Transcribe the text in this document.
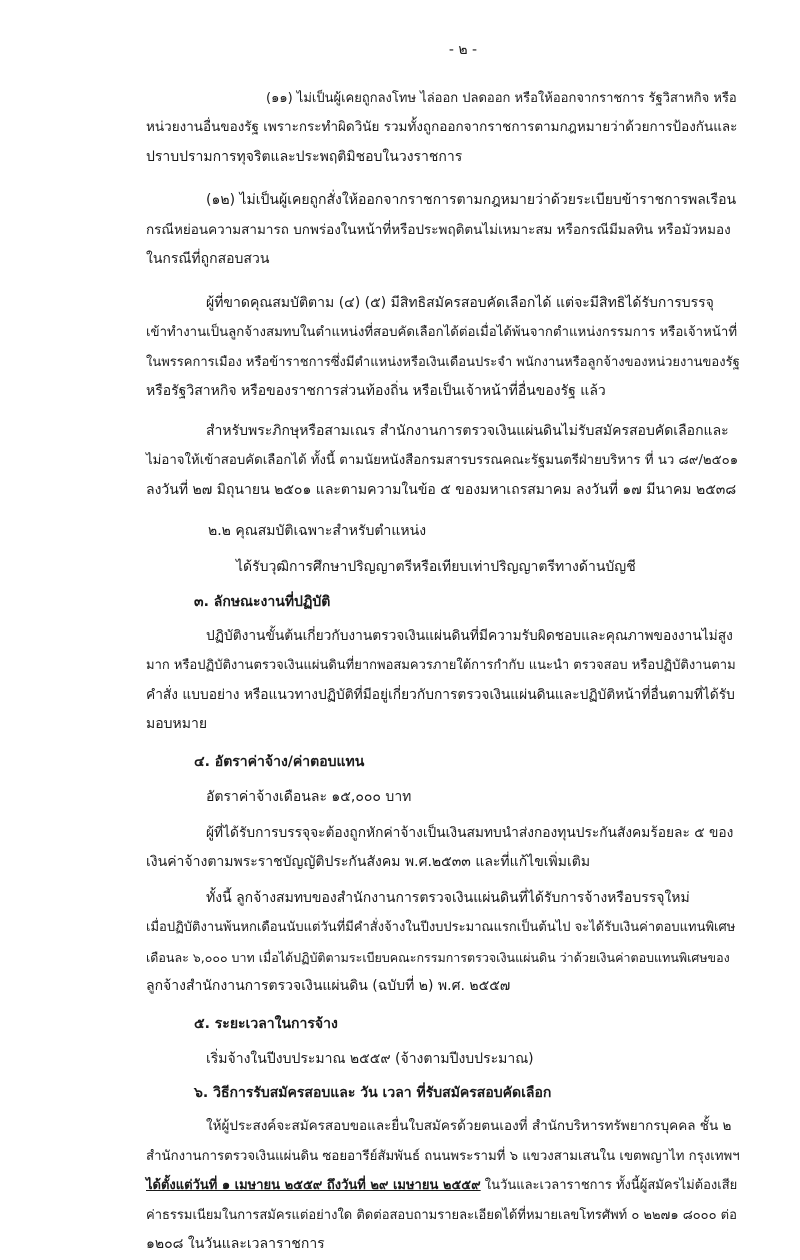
- ๒ -
(๑๑) ไม่เป็นผู้เคยถูกลงโทษ ไล่ออก ปลดออก หรือให้ออกจากราชการ รัฐวิสาหกิจ หรือ
หน่วยงานอื่นของรัฐ เพราะกระทำผิดวินัย รวมทั้งถูกออกจากราชการตามกฎหมายว่าด้วยการป้องกันและ
ปราบปรามการทุจริตและประพฤติมิชอบในวงราชการ
(๑๒) ไม่เป็นผู้เคยถูกสั่งให้ออกจากราชการตามกฎหมายว่าด้วยระเบียบข้าราชการพลเรือน
กรณีหย่อนความสามารถ บกพร่องในหน้าที่หรือประพฤติตนไม่เหมาะสม หรือกรณีมีมลทิน หรือมัวหมอง
ในกรณีที่ถูกสอบสวน
ผู้ที่ขาดคุณสมบัติตาม (๔) (๕) มีสิทธิสมัครสอบคัดเลือกได้ แต่จะมีสิทธิได้รับการบรรจุ
เข้าทำงานเป็นลูกจ้างสมทบในตำแหน่งที่สอบคัดเลือกได้ต่อเมื่อได้พ้นจากตำแหน่งกรรมการ หรือเจ้าหน้าที่
ในพรรคการเมือง หรือข้าราชการซึ่งมีตำแหน่งหรือเงินเดือนประจำ พนักงานหรือลูกจ้างของหน่วยงานของรัฐ
หรือรัฐวิสาหกิจ หรือของราชการส่วนท้องถิ่น หรือเป็นเจ้าหน้าที่อื่นของรัฐ แล้ว
สำหรับพระภิกษุหรือสามเณร สำนักงานการตรวจเงินแผ่นดินไม่รับสมัครสอบคัดเลือกและ
ไม่อาจให้เข้าสอบคัดเลือกได้ ทั้งนี้ ตามนัยหนังสือกรมสารบรรณคณะรัฐมนตรีฝ่ายบริหาร ที่ นว ๘๙/๒๕๐๑
ลงวันที่ ๒๗ มิถุนายน ๒๕๐๑ และตามความในข้อ ๕ ของมหาเถรสมาคม ลงวันที่ ๑๗ มีนาคม ๒๕๓๘
๒.๒ คุณสมบัติเฉพาะสำหรับตำแหน่ง
ได้รับวุฒิการศึกษาปริญญาตรีหรือเทียบเท่าปริญญาตรีทางด้านบัญชี
๓. ลักษณะงานที่ปฏิบัติ
ปฏิบัติงานขั้นต้นเกี่ยวกับงานตรวจเงินแผ่นดินที่มีความรับผิดชอบและคุณภาพของงานไม่สูง
มาก หรือปฏิบัติงานตรวจเงินแผ่นดินที่ยากพอสมควรภายใต้การกำกับ แนะนำ ตรวจสอบ หรือปฏิบัติงานตาม
คำสั่ง แบบอย่าง หรือแนวทางปฏิบัติที่มีอยู่เกี่ยวกับการตรวจเงินแผ่นดินและปฏิบัติหน้าที่อื่นตามที่ได้รับ
มอบหมาย
๔. อัตราค่าจ้าง/ค่าตอบแทน
อัตราค่าจ้างเดือนละ ๑๕,๐๐๐ บาท
ผู้ที่ได้รับการบรรจุจะต้องถูกหักค่าจ้างเป็นเงินสมทบนำส่งกองทุนประกันสังคมร้อยละ ๕ ของ
เงินค่าจ้างตามพระราชบัญญัติประกันสังคม พ.ศ.๒๕๓๓ และที่แก้ไขเพิ่มเติม
ทั้งนี้ ลูกจ้างสมทบของสำนักงานการตรวจเงินแผ่นดินที่ได้รับการจ้างหรือบรรจุใหม่
เมื่อปฏิบัติงานพ้นหกเดือนนับแต่วันที่มีคำสั่งจ้างในปีงบประมาณแรกเป็นต้นไป จะได้รับเงินค่าตอบแทนพิเศษ
เดือนละ ๖,๐๐๐ บาท เมื่อได้ปฏิบัติตามระเบียบคณะกรรมการตรวจเงินแผ่นดิน ว่าด้วยเงินค่าตอบแทนพิเศษของ
ลูกจ้างสำนักงานการตรวจเงินแผ่นดิน (ฉบับที่ ๒) พ.ศ. ๒๕๕๗
๕. ระยะเวลาในการจ้าง
เริ่มจ้างในปีงบประมาณ ๒๕๕๙ (จ้างตามปีงบประมาณ)
๖. วิธีการรับสมัครสอบและ วัน เวลา ที่รับสมัครสอบคัดเลือก
ให้ผู้ประสงค์จะสมัครสอบขอและยื่นใบสมัครด้วยตนเองที่ สำนักบริหารทรัพยากรบุคคล ชั้น ๒
สำนักงานการตรวจเงินแผ่นดิน ซอยอารีย์สัมพันธ์ ถนนพระรามที่ ๖ แขวงสามเสนใน เขตพญาไท กรุงเทพฯ
ได้ตั้งแต่วันที่ ๑ เมษายน ๒๕๕๙ ถึงวันที่ ๒๙ เมษายน ๒๕๕๙ ในวันและเวลาราชการ ทั้งนี้ผู้สมัครไม่ต้องเสีย
ค่าธรรมเนียมในการสมัครแต่อย่างใด ติดต่อสอบถามรายละเอียดได้ที่หมายเลขโทรศัพท์ ๐ ๒๒๗๑ ๘๐๐๐ ต่อ
๑๒๐๘ ในวันและเวลาราชการ
